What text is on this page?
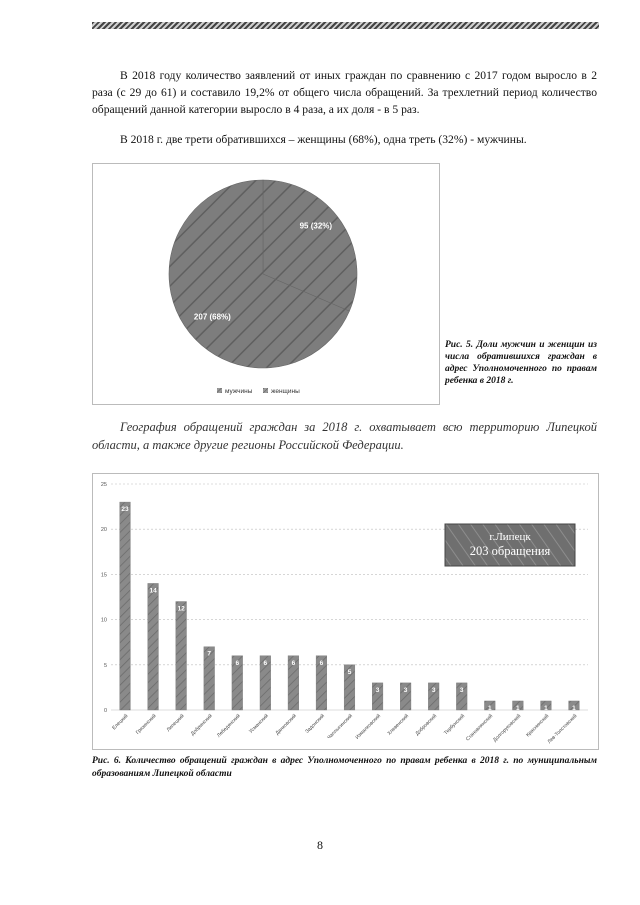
В 2018 году количество заявлений от иных граждан по сравнению с 2017 годом выросло в 2 раза (с 29 до 61) и составило 19,2% от общего числа обращений. За трехлетний период количество обращений данной категории выросло в 4 раза, а их доля - в 5 раз.

В 2018 г. две трети обратившихся – женщины (68%), одна треть (32%) - мужчины.

95 (32%)
207 (68%)
мужчины	женщины

Рис. 5. Доли мужчин и женщин из числа обратившихся граждан в адрес Уполномоченного по правам ребенка в 2018 г.

География обращений граждан за 2018 г. охватывает всю территорию Липецкой области, а также другие регионы Российской Федерации.

0
5
10
15
20
25
23
14
12
7
6	6	6	6
5
3	3	3	3
1	1	1	1
Елецкий Грязинский Липецкий Добринский Лебедянский Усманский Данковский Задонский Чаплыгинский Измалковский Хлевенский Добровский Тербунский
Становлянский
Долгоруковский Краснинский
Лев-Толстовский
г.Липецк
203 обращения

Рис. 6. Количество обращений граждан в адрес Уполномоченного по правам ребенка в 2018 г. по муниципальным образованиям Липецкой области

8
